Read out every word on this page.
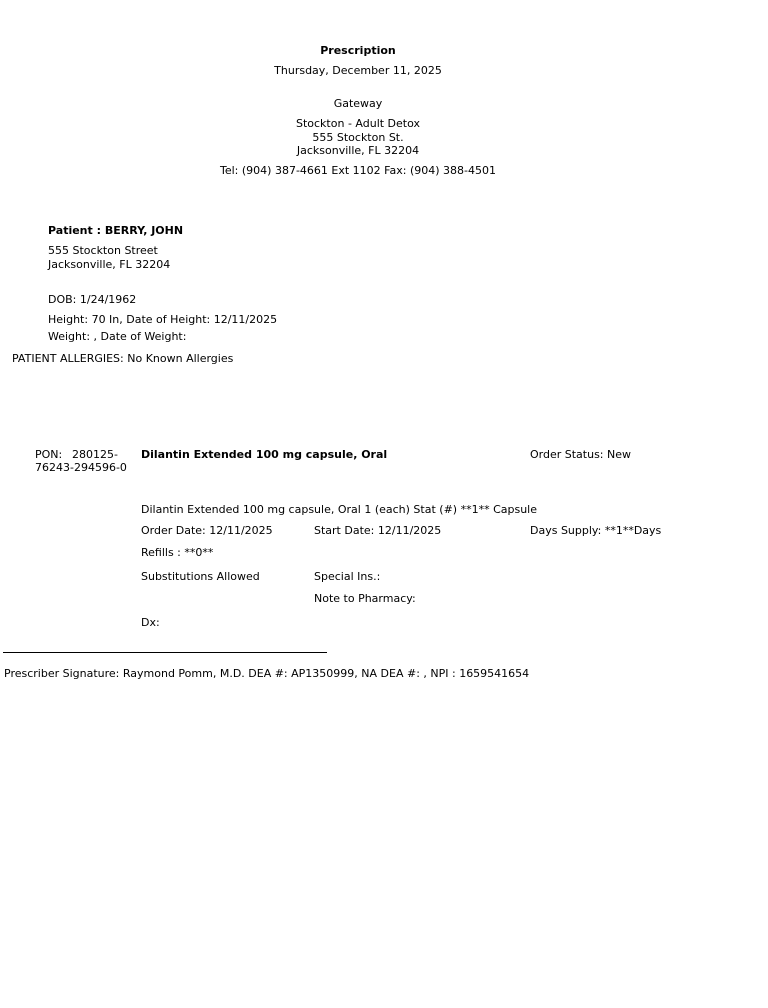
Prescription
Thursday, December 11, 2025
Gateway
Stockton - Adult Detox
555 Stockton St.
Jacksonville, FL 32204
Tel: (904) 387-4661 Ext 1102 Fax: (904) 388-4501
Patient : BERRY, JOHN
555 Stockton Street
Jacksonville, FL 32204
DOB: 1/24/1962
Height: 70 In, Date of Height: 12/11/2025
Weight: , Date of Weight:
PATIENT ALLERGIES: No Known Allergies
PON: 280125-
76243-294596-0
Dilantin Extended 100 mg capsule, Oral	Order Status: New
Dilantin Extended 100 mg capsule, Oral 1 (each) Stat (#) **1** Capsule
Order Date: 12/11/2025	Start Date: 12/11/2025	Days Supply: **1**Days
Refills : **0**
Substitutions Allowed	Special Ins.:
Note to Pharmacy:
Dx:
Prescriber Signature: Raymond Pomm, M.D. DEA #: AP1350999, NA DEA #: , NPI : 1659541654
